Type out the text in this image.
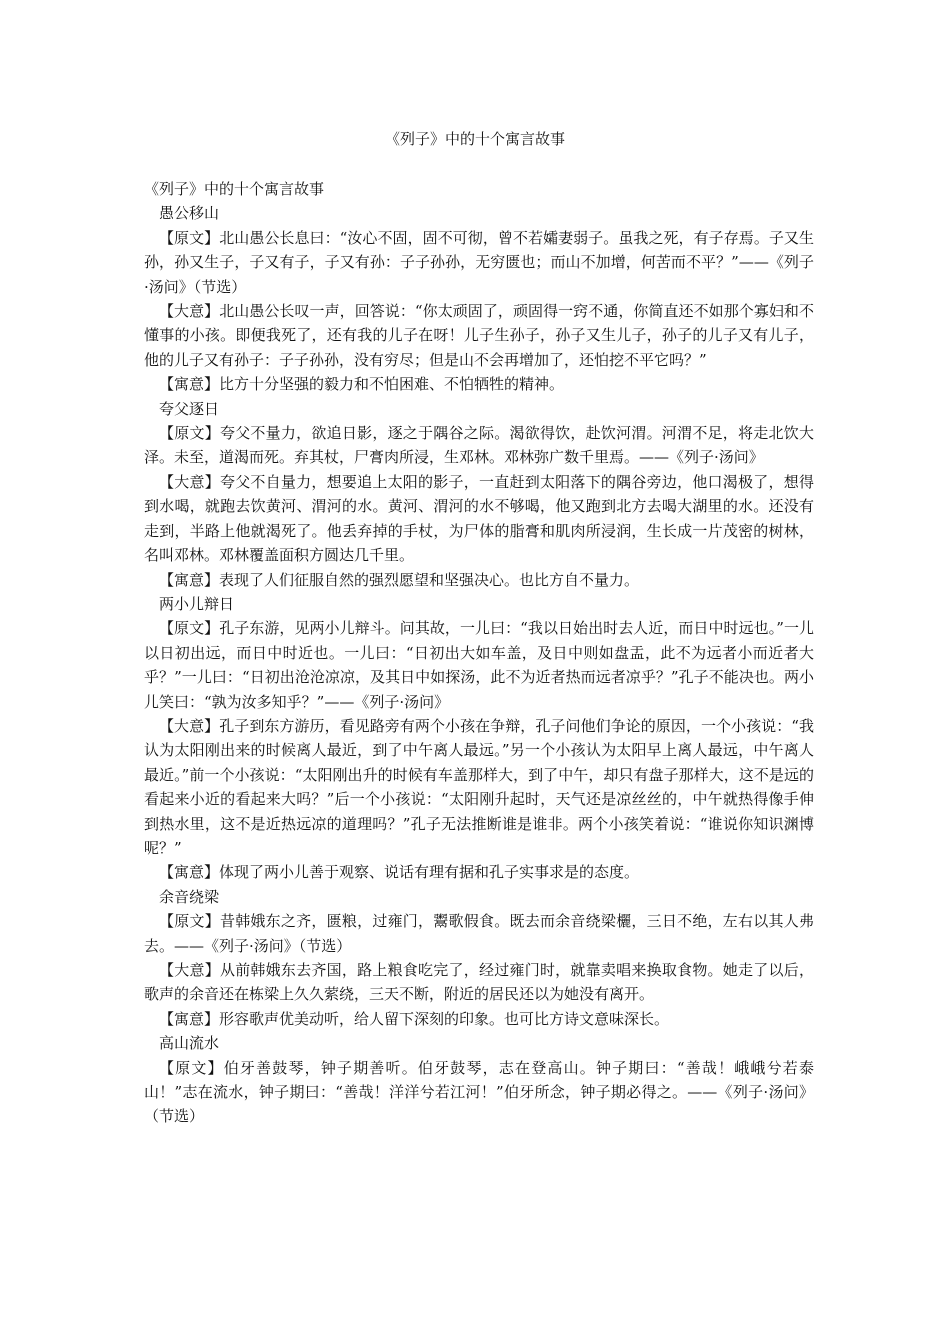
《列子》中的十个寓言故事

《列子》中的十个寓言故事

愚公移山

【原文】北山愚公长息曰：“汝心不固，固不可彻，曾不若孀妻弱子。虽我之死，有子存焉。子又生孙，孙又生子，子又有子，子又有孙：子子孙孙，无穷匮也；而山不加增，何苦而不平？”——《列子·汤问》（节选）

【大意】北山愚公长叹一声，回答说：“你太顽固了，顽固得一窍不通，你简直还不如那个寡妇和不懂事的小孩。即便我死了，还有我的儿子在呀！儿子生孙子，孙子又生儿子，孙子的儿子又有儿子，他的儿子又有孙子：子子孙孙，没有穷尽；但是山不会再增加了，还怕挖不平它吗？”

【寓意】比方十分坚强的毅力和不怕困难、不怕牺牲的精神。

夸父逐日

【原文】夸父不量力，欲追日影，逐之于隅谷之际。渴欲得饮，赴饮河渭。河渭不足，将走北饮大泽。未至，道渴而死。弃其杖，尸膏肉所浸，生邓林。邓林弥广数千里焉。——《列子·汤问》

【大意】夸父不自量力，想要追上太阳的影子，一直赶到太阳落下的隅谷旁边，他口渴极了，想得到水喝，就跑去饮黄河、渭河的水。黄河、渭河的水不够喝，他又跑到北方去喝大湖里的水。还没有走到，半路上他就渴死了。他丢弃掉的手杖，为尸体的脂膏和肌肉所浸润，生长成一片茂密的树林，名叫邓林。邓林覆盖面积方圆达几千里。

【寓意】表现了人们征服自然的强烈愿望和坚强决心。也比方自不量力。

两小儿辩日

【原文】孔子东游，见两小儿辩斗。问其故，一儿曰：“我以日始出时去人近，而日中时远也。”一儿以日初出远，而日中时近也。一儿曰：“日初出大如车盖，及日中则如盘盂，此不为远者小而近者大乎？”一儿曰：“日初出沧沧凉凉，及其日中如探汤，此不为近者热而远者凉乎？”孔子不能决也。两小儿笑曰：“孰为汝多知乎？”——《列子·汤问》

【大意】孔子到东方游历，看见路旁有两个小孩在争辩，孔子问他们争论的原因，一个小孩说：“我认为太阳刚出来的时候离人最近，到了中午离人最远。”另一个小孩认为太阳早上离人最远，中午离人最近。”前一个小孩说：“太阳刚出升的时候有车盖那样大，到了中午，却只有盘子那样大，这不是远的看起来小近的看起来大吗？”后一个小孩说：“太阳刚升起时，天气还是凉丝丝的，中午就热得像手伸到热水里，这不是近热远凉的道理吗？”孔子无法推断谁是谁非。两个小孩笑着说：“谁说你知识渊博呢？”

【寓意】体现了两小儿善于观察、说话有理有据和孔子实事求是的态度。

余音绕梁

【原文】昔韩娥东之齐，匮粮，过雍门，鬻歌假食。既去而余音绕梁欐，三日不绝，左右以其人弗去。——《列子·汤问》（节选）

【大意】从前韩娥东去齐国，路上粮食吃完了，经过雍门时，就靠卖唱来换取食物。她走了以后，歌声的余音还在栋梁上久久萦绕，三天不断，附近的居民还以为她没有离开。

【寓意】形容歌声优美动听，给人留下深刻的印象。也可比方诗文意味深长。

高山流水

【原文】伯牙善鼓琴，钟子期善听。伯牙鼓琴，志在登高山。钟子期曰：“善哉！峨峨兮若泰山！”志在流水，钟子期曰：“善哉！洋洋兮若江河！”伯牙所念，钟子期必得之。——《列子·汤问》（节选）
